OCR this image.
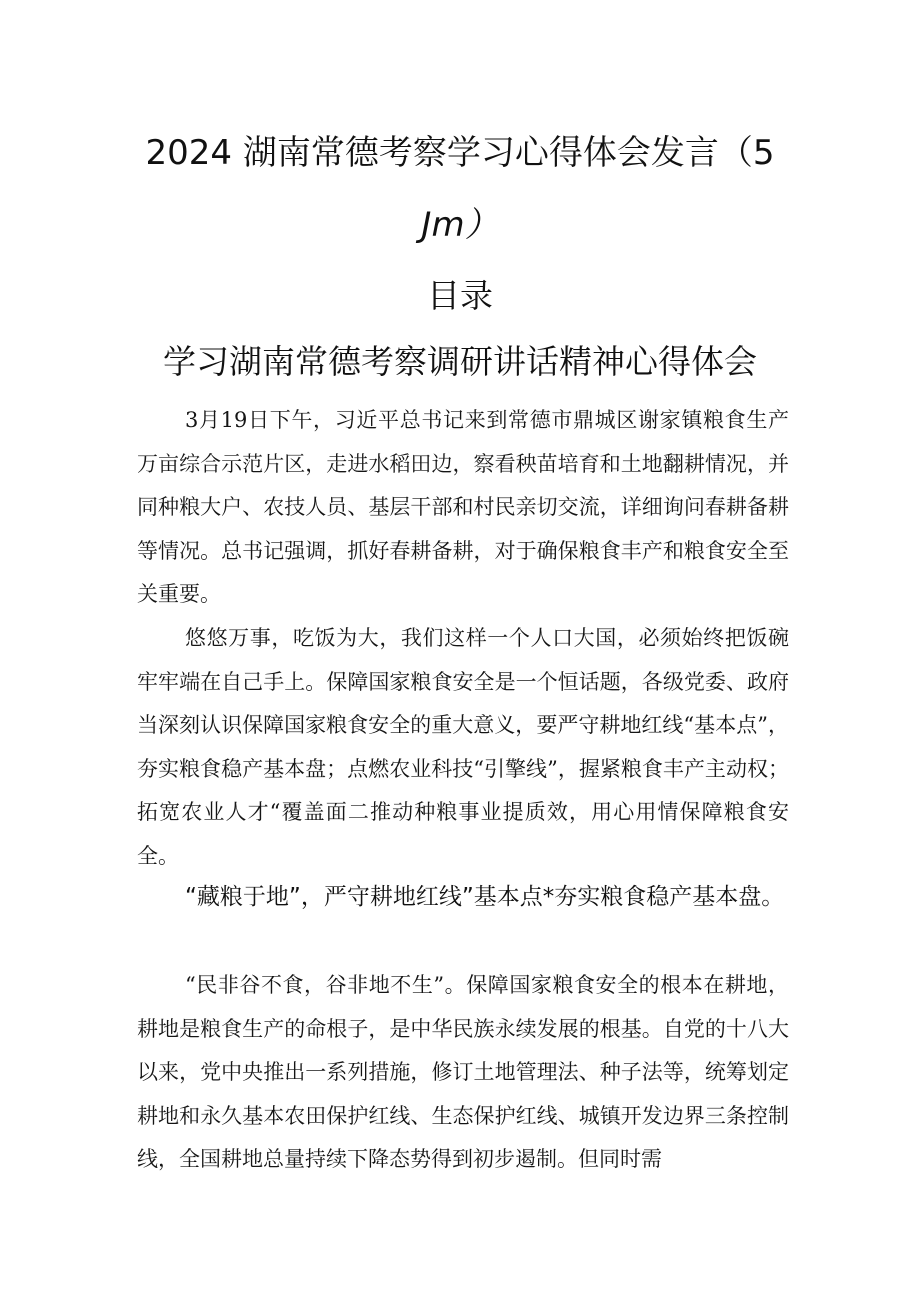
2024 湖南常德考察学习心得体会发言（5
Jm）
目录
学习湖南常德考察调研讲话精神心得体会
3月19日下午，习近平总书记来到常德市鼎城区谢家镇粮食生产万亩综合示范片区，走进水稻田边，察看秧苗培育和土地翻耕情况，并同种粮大户、农技人员、基层干部和村民亲切交流，详细询问春耕备耕等情况。总书记强调，抓好春耕备耕，对于确保粮食丰产和粮食安全至关重要。
悠悠万事，吃饭为大，我们这样一个人口大国，必须始终把饭碗牢牢端在自己手上。保障国家粮食安全是一个恒话题，各级党委、政府当深刻认识保障国家粮食安全的重大意义，要严守耕地红线“基本点”，夯实粮食稳产基本盘；点燃农业科技“引擎线”，握紧粮食丰产主动权；拓宽农业人才“覆盖面二推动种粮事业提质效，用心用情保障粮食安全。
“藏粮于地”，严守耕地红线”基本点*夯实粮食稳产基本盘。
“民非谷不食，谷非地不生”。保障国家粮食安全的根本在耕地，耕地是粮食生产的命根子，是中华民族永续发展的根基。自党的十八大以来，党中央推出一系列措施，修订土地管理法、种子法等，统筹划定耕地和永久基本农田保护红线、生态保护红线、城镇开发边界三条控制线，全国耕地总量持续下降态势得到初步遏制。但同时需
